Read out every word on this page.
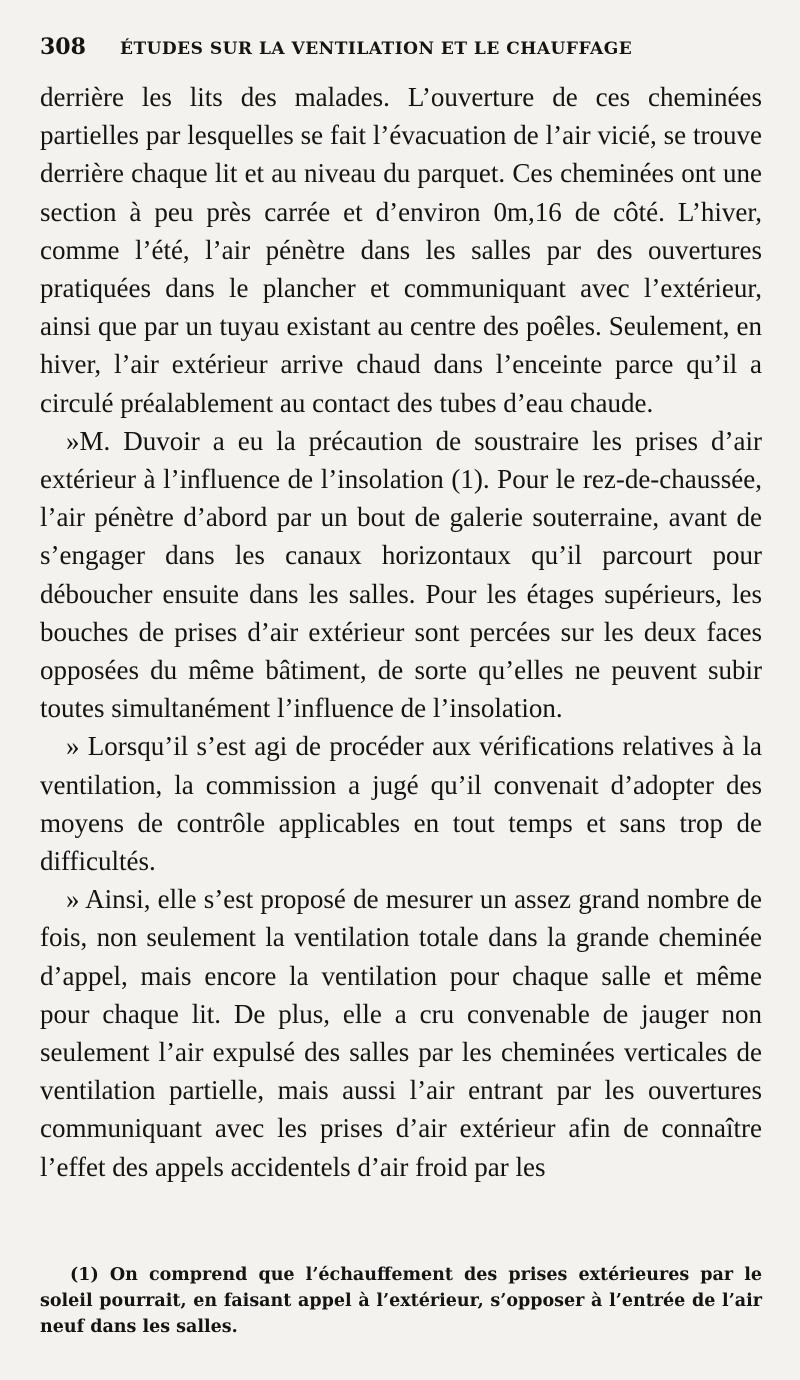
308	ÉTUDES SUR LA VENTILATION ET LE CHAUFFAGE

derrière les lits des malades. L’ouverture de ces cheminées partielles par lesquelles se fait l’évacuation de l’air vicié, se trouve derrière chaque lit et au niveau du parquet. Ces cheminées ont une section à peu près carrée et d’environ 0m,16 de côté. L’hiver, comme l’été, l’air pénètre dans les salles par des ouvertures pratiquées dans le plancher et communiquant avec l’extérieur, ainsi que par un tuyau existant au centre des poêles. Seulement, en hiver, l’air extérieur arrive chaud dans l’enceinte parce qu’il a circulé préalablement au contact des tubes d’eau chaude.

»M. Duvoir a eu la précaution de soustraire les prises d’air extérieur à l’influence de l’insolation (1). Pour le rez-de-chaussée, l’air pénètre d’abord par un bout de galerie souterraine, avant de s’engager dans les canaux horizontaux qu’il parcourt pour déboucher ensuite dans les salles. Pour les étages supérieurs, les bouches de prises d’air extérieur sont percées sur les deux faces opposées du même bâtiment, de sorte qu’elles ne peuvent subir toutes simultanément l’influence de l’insolation.

» Lorsqu’il s’est agi de procéder aux vérifications relatives à la ventilation, la commission a jugé qu’il convenait d’adopter des moyens de contrôle applicables en tout temps et sans trop de difficultés.

» Ainsi, elle s’est proposé de mesurer un assez grand nombre de fois, non seulement la ventilation totale dans la grande cheminée d’appel, mais encore la ventilation pour chaque salle et même pour chaque lit. De plus, elle a cru convenable de jauger non seulement l’air expulsé des salles par les cheminées verticales de ventilation partielle, mais aussi l’air entrant par les ouvertures communiquant avec les prises d’air extérieur afin de connaître l’effet des appels accidentels d’air froid par les

(1) On comprend que l’échauffement des prises extérieures par le soleil pourrait, en faisant appel à l’extérieur, s’opposer à l’entrée de l’air neuf dans les salles.
